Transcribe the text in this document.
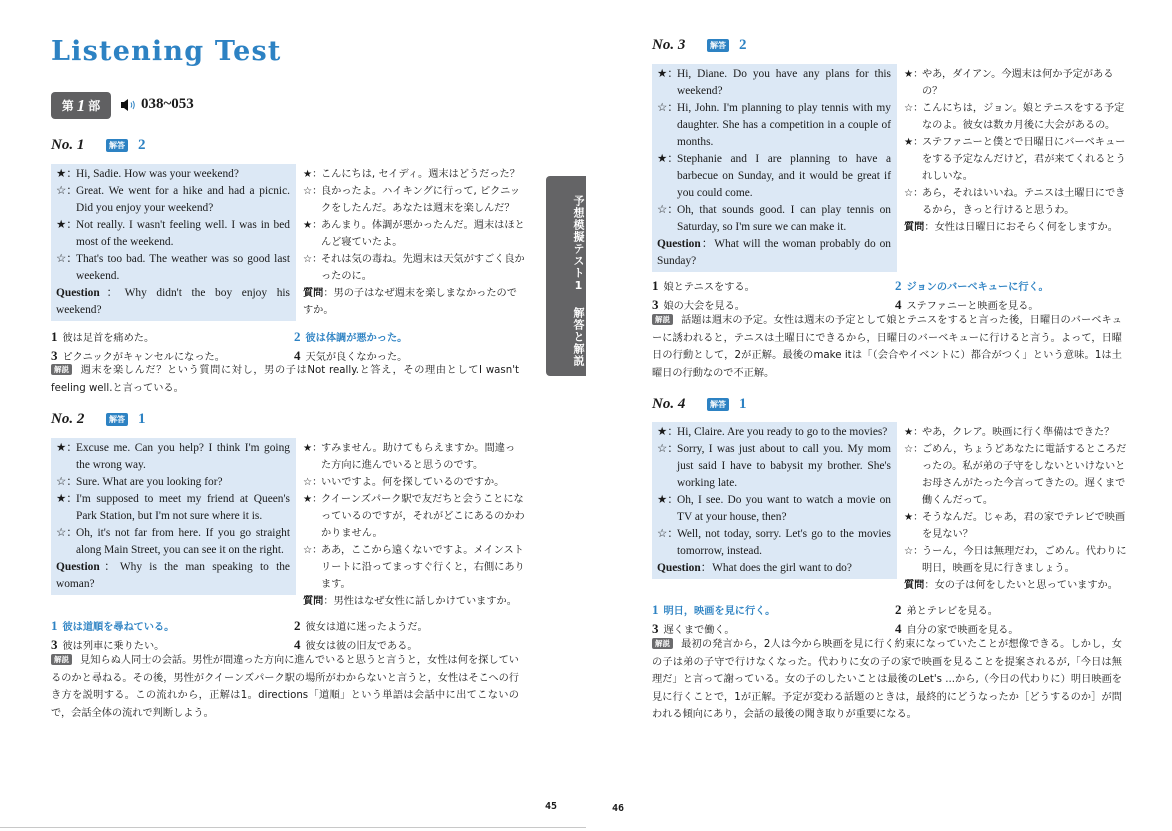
Listening Test
第 1 部	038~053
No. 1	解答 2
★：
Hi, Sadie. How was your weekend?
☆：
Great. We went for a hike and had a picnic. Did you enjoy your weekend?
★：
Not really. I wasn't feeling well. I was in bed most of the weekend.
☆：
That's too bad. The weather was so good last weekend.
Question：Why didn't the boy enjoy his weekend?
★：
こんにちは, セイディ。週末はどうだった？
☆：
良かったよ。ハイキングに行って, ピクニックをしたんだ。あなたは週末を楽しんだ？
★：
あんまり。体調が悪かったんだ。週末はほとんど寝ていたよ。
☆：
それは気の毒ね。先週末は天気がすごく良かったのに。
質問：男の子はなぜ週末を楽しまなかったのですか。
1 彼は足首を痛めた。	2 彼は体調が悪かった。
3 ピクニックがキャンセルになった。	4 天気が良くなかった。
解説 週末を楽しんだ？という質問に対し，男の子はNot really.と答え，その理由としてI wasn't feeling well.と言っている。
No. 2	解答 1
★：
Excuse me. Can you help? I think I'm going the wrong way.
☆：
Sure. What are you looking for?
★：
I'm supposed to meet my friend at Queen's Park Station, but I'm not sure where it is.
☆：
Oh, it's not far from here. If you go straight along Main Street, you can see it on the right.
Question：Why is the man speaking to the woman?
★：
すみません。助けてもらえますか。間違った方向に進んでいると思うのです。
☆：
いいですよ。何を探しているのですか。
★：
クイーンズパーク駅で友だちと会うことになっているのですが，それがどこにあるのかわかりません。
☆：
ああ，ここから遠くないですよ。メインストリートに沿ってまっすぐ行くと，右側にあります。
質問：男性はなぜ女性に話しかけていますか。
1 彼は道順を尋ねている。	2 彼女は道に迷ったようだ。
3 彼は列車に乗りたい。	4 彼女は彼の旧友である。
解説 見知らぬ人同士の会話。男性が間違った方向に進んでいると思うと言うと，女性は何を探しているのかと尋ねる。その後，男性がクイーンズパーク駅の場所がわからないと言うと，女性はそこへの行き方を説明する。この流れから，正解は1。directions「道順」という単語は会話中に出てこないので，会話全体の流れで判断しよう。
予想模擬テスト1 解答と解説
45
No. 3	解答 2
★：
Hi, Diane. Do you have any plans for this weekend?
☆：
Hi, John. I'm planning to play tennis with my daughter. She has a competition in a couple of months.
★：
Stephanie and I are planning to have a barbecue on Sunday, and it would be great if you could come.
☆：
Oh, that sounds good. I can play tennis on Saturday, so I'm sure we can make it.
Question：What will the woman probably do on Sunday?
★：
やあ，ダイアン。今週末は何か予定があるの？
☆：
こんにちは，ジョン。娘とテニスをする予定なのよ。彼女は数カ月後に大会があるの。
★：
ステファニーと僕とで日曜日にバーベキューをする予定なんだけど，君が来てくれるとうれしいな。
☆：
あら，それはいいね。テニスは土曜日にできるから，きっと行けると思うわ。
質問：女性は日曜日におそらく何をしますか。
1 娘とテニスをする。	2 ジョンのバーベキューに行く。
3 娘の大会を見る。	4 ステファニーと映画を見る。
解説 話題は週末の予定。女性は週末の予定として娘とテニスをすると言った後，日曜日のバーベキューに誘われると，テニスは土曜日にできるから，日曜日のバーベキューに行けると言う。よって，日曜日の行動として，2が正解。最後のmake itは「（会合やイベントに）都合がつく」という意味。1は土曜日の行動なので不正解。
No. 4	解答 1
★：
Hi, Claire. Are you ready to go to the movies?
☆：
Sorry, I was just about to call you. My mom just said I have to babysit my brother. She's working late.
★：
Oh, I see. Do you want to watch a movie on TV at your house, then?
☆：
Well, not today, sorry. Let's go to the movies tomorrow, instead.
Question：What does the girl want to do?
★：
やあ，クレア。映画に行く準備はできた？
☆：
ごめん，ちょうどあなたに電話するところだったの。私が弟の子守をしないといけないとお母さんがたった今言ってきたの。遅くまで働くんだって。
★：
そうなんだ。じゃあ，君の家でテレビで映画を見ない？
☆：
うーん，今日は無理だわ，ごめん。代わりに明日，映画を見に行きましょう。
質問：女の子は何をしたいと思っていますか。
1 明日，映画を見に行く。	2 弟とテレビを見る。
3 遅くまで働く。	4 自分の家で映画を見る。
解説 最初の発言から，2人は今から映画を見に行く約束になっていたことが想像できる。しかし，女の子は弟の子守で行けなくなった。代わりに女の子の家で映画を見ることを提案されるが,「今日は無理だ」と言って謝っている。女の子のしたいことは最後のLet's ...から,（今日の代わりに）明日映画を見に行くことで，1が正解。予定が変わる話題のときは，最終的にどうなったか［どうするのか］が問われる傾向にあり，会話の最後の聞き取りが重要になる。
46
